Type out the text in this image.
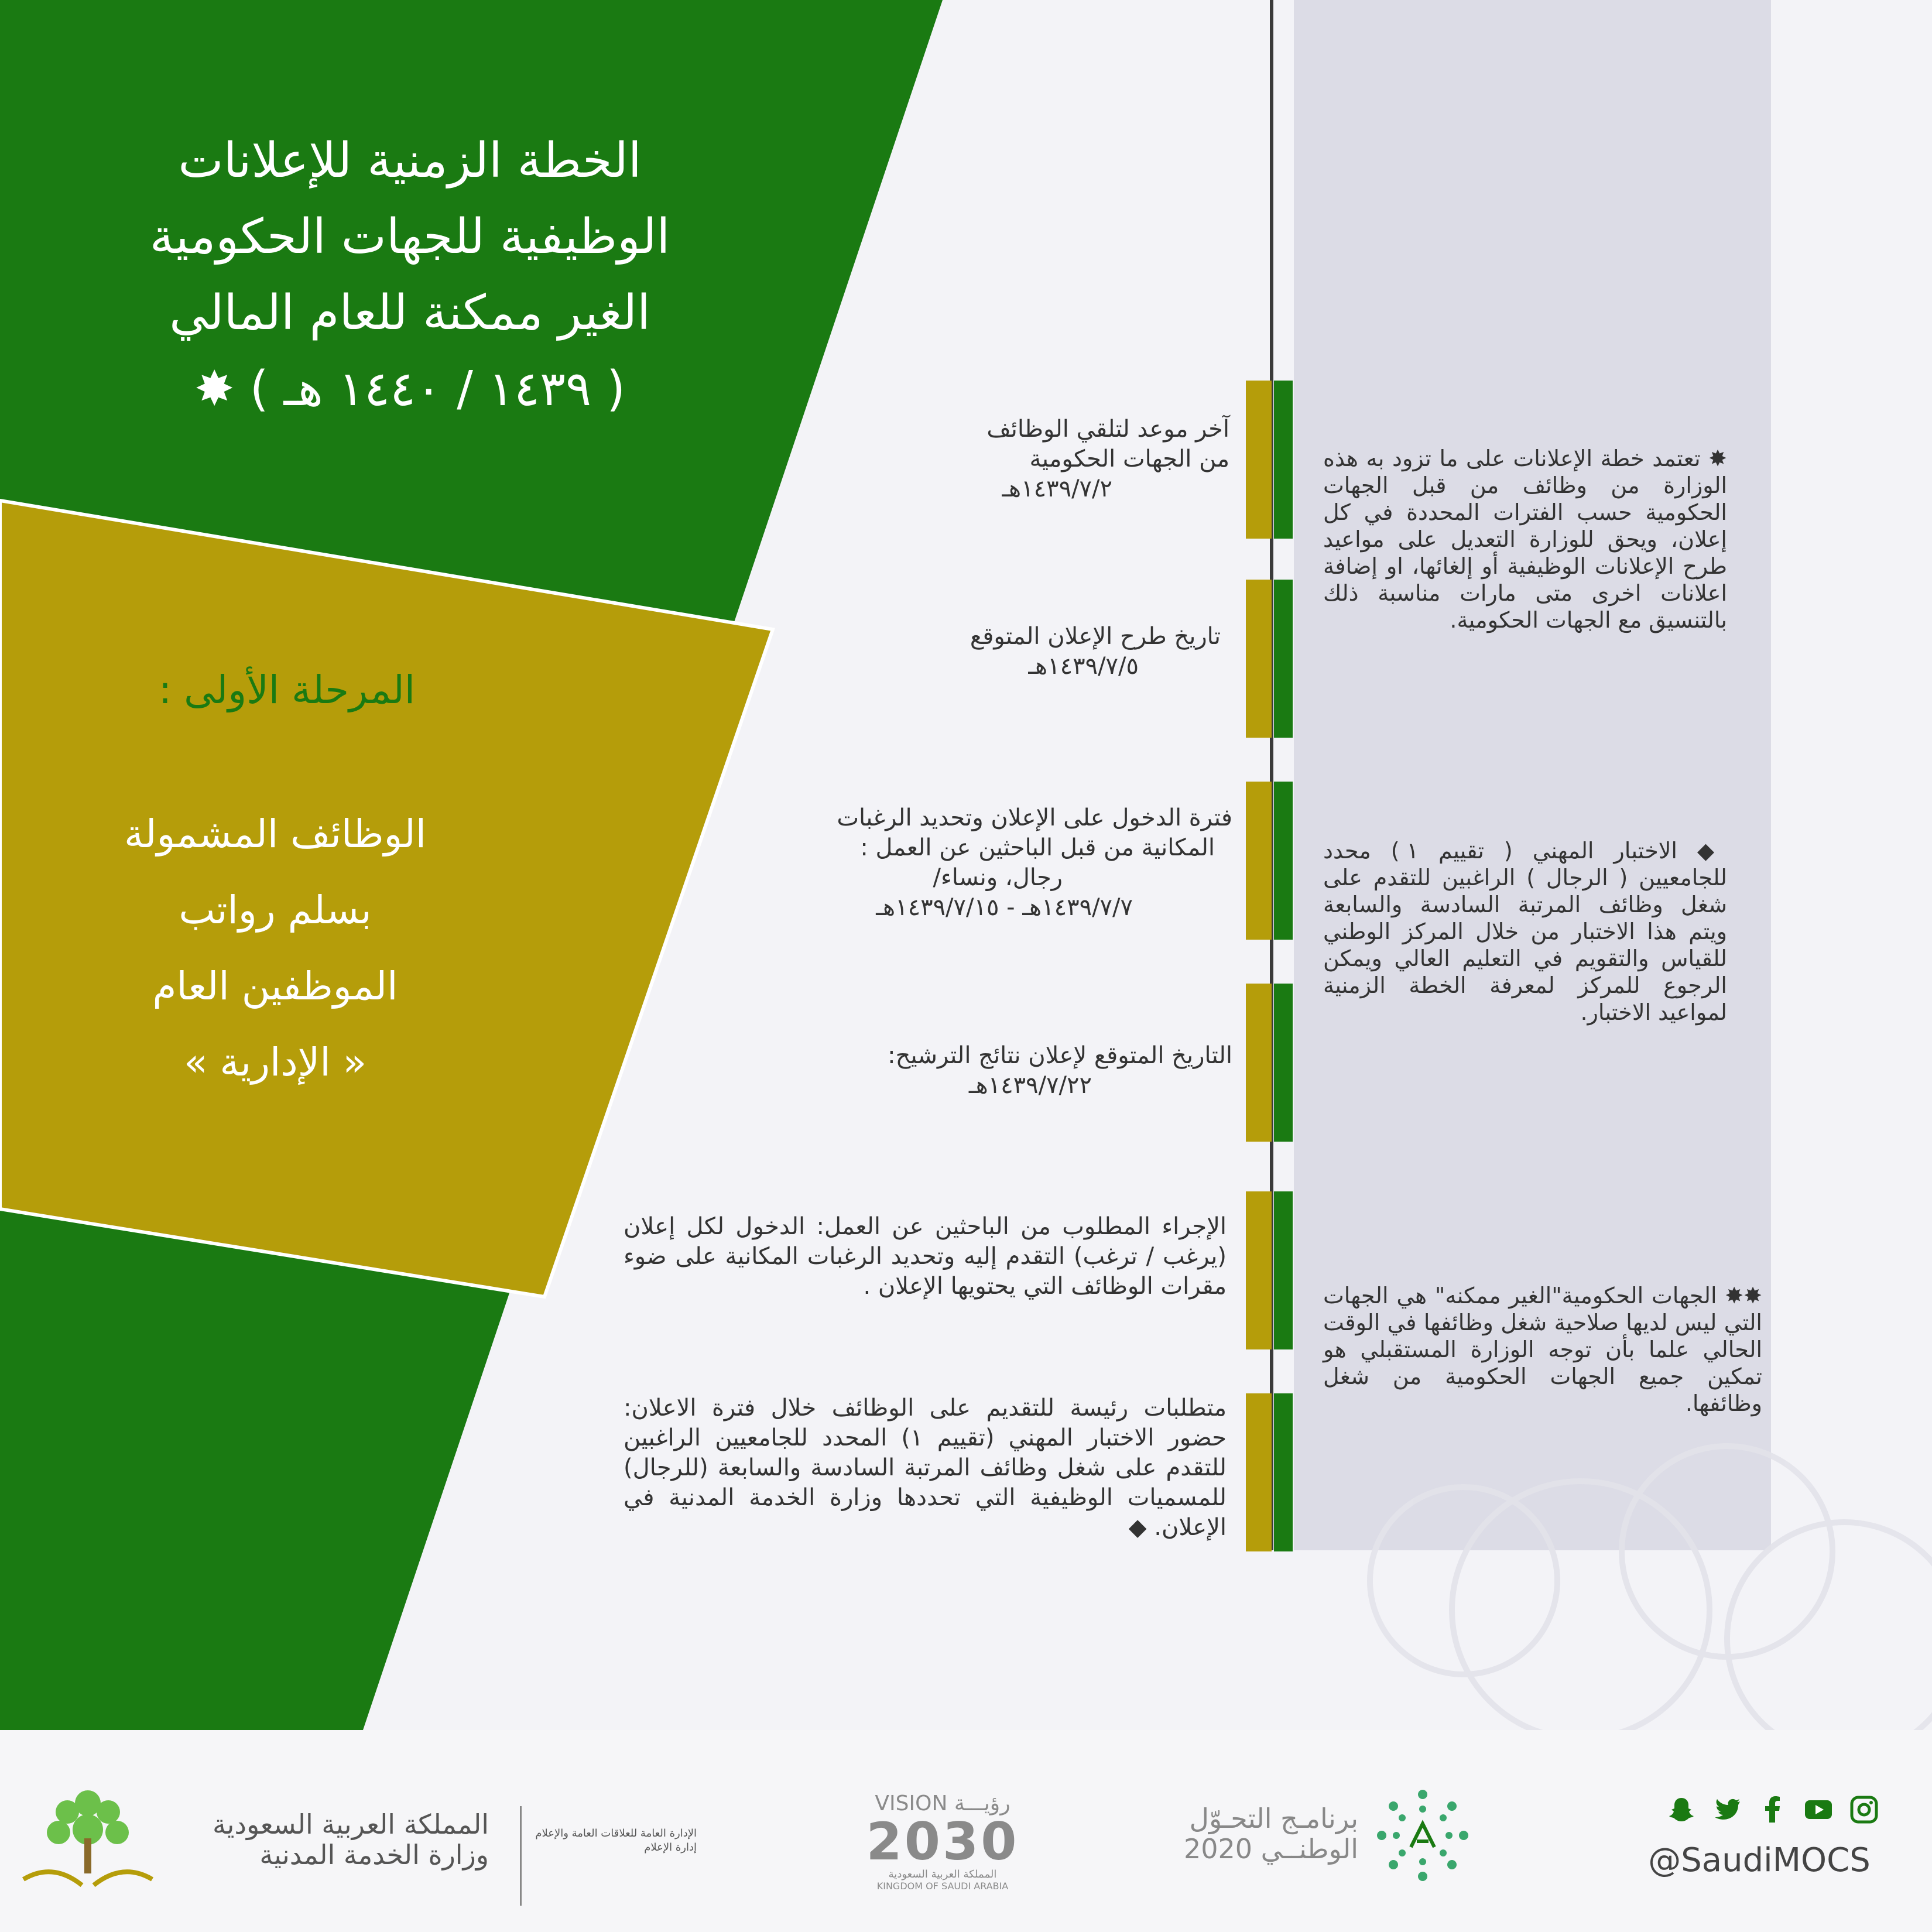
الخطة الزمنية للإعلانات
الوظيفية للجهات الحكومية
الغير ممكنة للعام المالي
( ١٤٣٩ / ١٤٤٠ هـ ) ✸
المرحلة الأولى :
الوظائف المشمولة
بسلم رواتب
الموظفين العام
« الإدارية »
آخر موعد لتلقي الوظائف
من الجهات الحكومية
١٤٣٩/٧/٢هـ
تاريخ طرح الإعلان المتوقع
١٤٣٩/٧/٥هـ
فترة الدخول على الإعلان وتحديد الرغبات
المكانية من قبل الباحثين عن العمل :
رجال، ونساء/
١٤٣٩/٧/٧هـ - ١٤٣٩/٧/١٥هـ
التاريخ المتوقع لإعلان نتائج الترشيح:
١٤٣٩/٧/٢٢هـ
الإجراء المطلوب من الباحثين عن العمل: الدخول لكل إعلان (يرغب / ترغب) التقدم إليه وتحديد الرغبات المكانية على ضوء مقرات الوظائف التي يحتويها الإعلان .
متطلبات رئيسة للتقديم على الوظائف خلال فترة الاعلان: حضور الاختبار المهني (تقييم ١) المحدد للجامعيين الراغبين للتقدم على شغل وظائف المرتبة السادسة والسابعة (للرجال) للمسميات الوظيفية التي تحددها وزارة الخدمة المدنية في الإعلان. ◆
✸ تعتمد خطة الإعلانات على ما تزود به هذه الوزارة من وظائف من قبل الجهات الحكومية حسب الفترات المحددة في كل إعلان، ويحق للوزارة التعديل على مواعيد طرح الإعلانات الوظيفية أو إلغائها، او إضافة اعلانات اخرى متى مارات مناسبة ذلك بالتنسيق مع الجهات الحكومية.
◆ الاختبار المهني ( تقييم ١ ) محدد للجامعيين ( الرجال ) الراغبين للتقدم على شغل وظائف المرتبة السادسة والسابعة ويتم هذا الاختبار من خلال المركز الوطني للقياس والتقويم في التعليم العالي ويمكن الرجوع للمركز لمعرفة الخطة الزمنية لمواعيد الاختبار.
✸✸ الجهات الحكومية"الغير ممكنه" هي الجهات التي ليس لديها صلاحية شغل وظائفها في الوقت الحالي علما بأن توجه الوزارة المستقبلي هو تمكين جميع الجهات الحكومية من شغل وظائفها.
@SaudiMOCS
برنامـج التحـوّل
الوطنــي 2020
VISION رؤيـــة
2030
المملكة العربية السعودية
KINGDOM OF SAUDI ARABIA
الإدارة العامة للعلاقات العامة والإعلام
إدارة الإعلام
المملكة العربية السعودية
وزارة الخدمة المدنية
